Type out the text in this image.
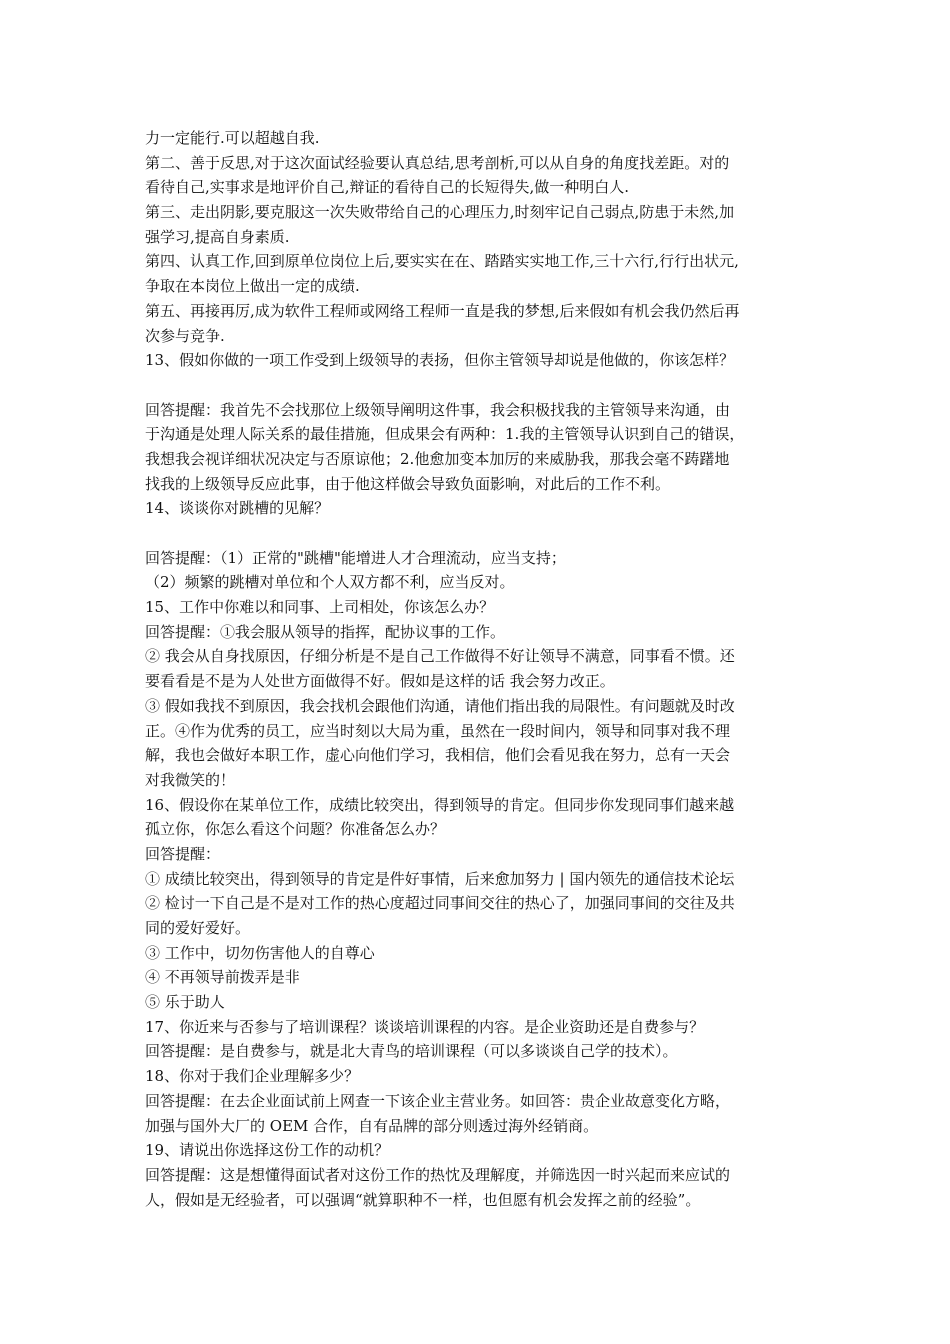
力一定能行.可以超越自我.
第二、善于反思,对于这次面试经验要认真总结,思考剖析,可以从自身的角度找差距。对的
看待自己,实事求是地评价自己,辩证的看待自己的长短得失,做一种明白人.
第三、走出阴影,要克服这一次失败带给自己的心理压力,时刻牢记自己弱点,防患于未然,加
强学习,提高自身素质.
第四、认真工作,回到原单位岗位上后,要实实在在、踏踏实实地工作,三十六行,行行出状元,
争取在本岗位上做出一定的成绩.
第五、再接再厉,成为软件工程师或网络工程师一直是我的梦想,后来假如有机会我仍然后再
次参与竞争.
13、假如你做的一项工作受到上级领导的表扬，但你主管领导却说是他做的，你该怎样？
回答提醒：我首先不会找那位上级领导阐明这件事，我会积极找我的主管领导来沟通，由
于沟通是处理人际关系的最佳措施，但成果会有两种：1.我的主管领导认识到自己的错误，
我想我会视详细状况决定与否原谅他；2.他愈加变本加厉的来威胁我，那我会毫不踌躇地
找我的上级领导反应此事，由于他这样做会导致负面影响，对此后的工作不利。
14、谈谈你对跳槽的见解？
回答提醒：（1）正常的"跳槽"能增进人才合理流动，应当支持；
（2）频繁的跳槽对单位和个人双方都不利，应当反对。
15、工作中你难以和同事、上司相处，你该怎么办？
回答提醒：①我会服从领导的指挥，配协议事的工作。
② 我会从自身找原因，仔细分析是不是自己工作做得不好让领导不满意，同事看不惯。还
要看看是不是为人处世方面做得不好。假如是这样的话 我会努力改正。
③ 假如我找不到原因，我会找机会跟他们沟通，请他们指出我的局限性。有问题就及时改
正。④作为优秀的员工，应当时刻以大局为重，虽然在一段时间内，领导和同事对我不理
解，我也会做好本职工作，虚心向他们学习，我相信，他们会看见我在努力，总有一天会
对我微笑的！
16、假设你在某单位工作，成绩比较突出，得到领导的肯定。但同步你发现同事们越来越
孤立你，你怎么看这个问题？你准备怎么办？
回答提醒：
① 成绩比较突出，得到领导的肯定是件好事情，后来愈加努力 | 国内领先的通信技术论坛
② 检讨一下自己是不是对工作的热心度超过同事间交往的热心了，加强同事间的交往及共
同的爱好爱好。
③ 工作中，切勿伤害他人的自尊心
④ 不再领导前拨弄是非
⑤ 乐于助人
17、你近来与否参与了培训课程？谈谈培训课程的内容。是企业资助还是自费参与？
回答提醒：是自费参与，就是北大青鸟的培训课程（可以多谈谈自己学的技术）。
18、你对于我们企业理解多少？
回答提醒：在去企业面试前上网查一下该企业主营业务。如回答：贵企业故意变化方略，
加强与国外大厂的 OEM 合作，自有品牌的部分则透过海外经销商。
19、请说出你选择这份工作的动机？
回答提醒：这是想懂得面试者对这份工作的热忱及理解度，并筛选因一时兴起而来应试的
人，假如是无经验者，可以强调“就算职种不一样，也但愿有机会发挥之前的经验”。
